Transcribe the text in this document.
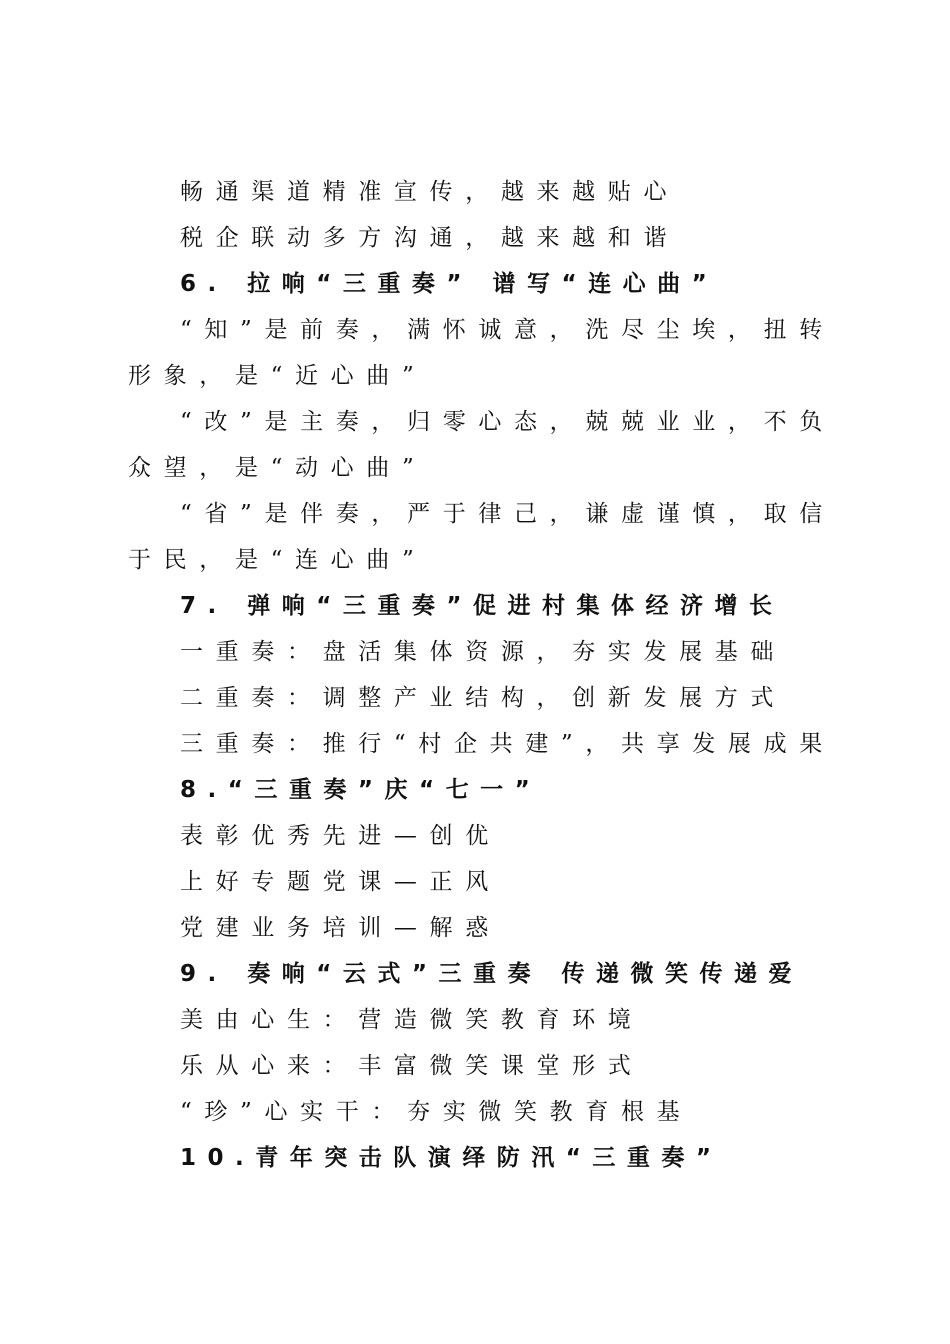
畅通渠道精准宣传，越来越贴心
税企联动多方沟通，越来越和谐
6. 拉响“三重奏” 谱写“连心曲”
“知”是前奏，满怀诚意，洗尽尘埃，扭转
形象，是“近心曲”
“改”是主奏，归零心态，兢兢业业，不负
众望，是“动心曲”
“省”是伴奏，严于律己，谦虚谨慎，取信
于民，是“连心曲”
7. 弹响“三重奏”促进村集体经济增长
一重奏：盘活集体资源，夯实发展基础
二重奏：调整产业结构，创新发展方式
三重奏：推行“村企共建”，共享发展成果
8.“三重奏”庆“七一”
表彰优秀先进—创优
上好专题党课—正风
党建业务培训—解惑
9. 奏响“云式”三重奏 传递微笑传递爱
美由心生：营造微笑教育环境
乐从心来：丰富微笑课堂形式
“珍”心实干：夯实微笑教育根基
10.青年突击队演绎防汛“三重奏”
